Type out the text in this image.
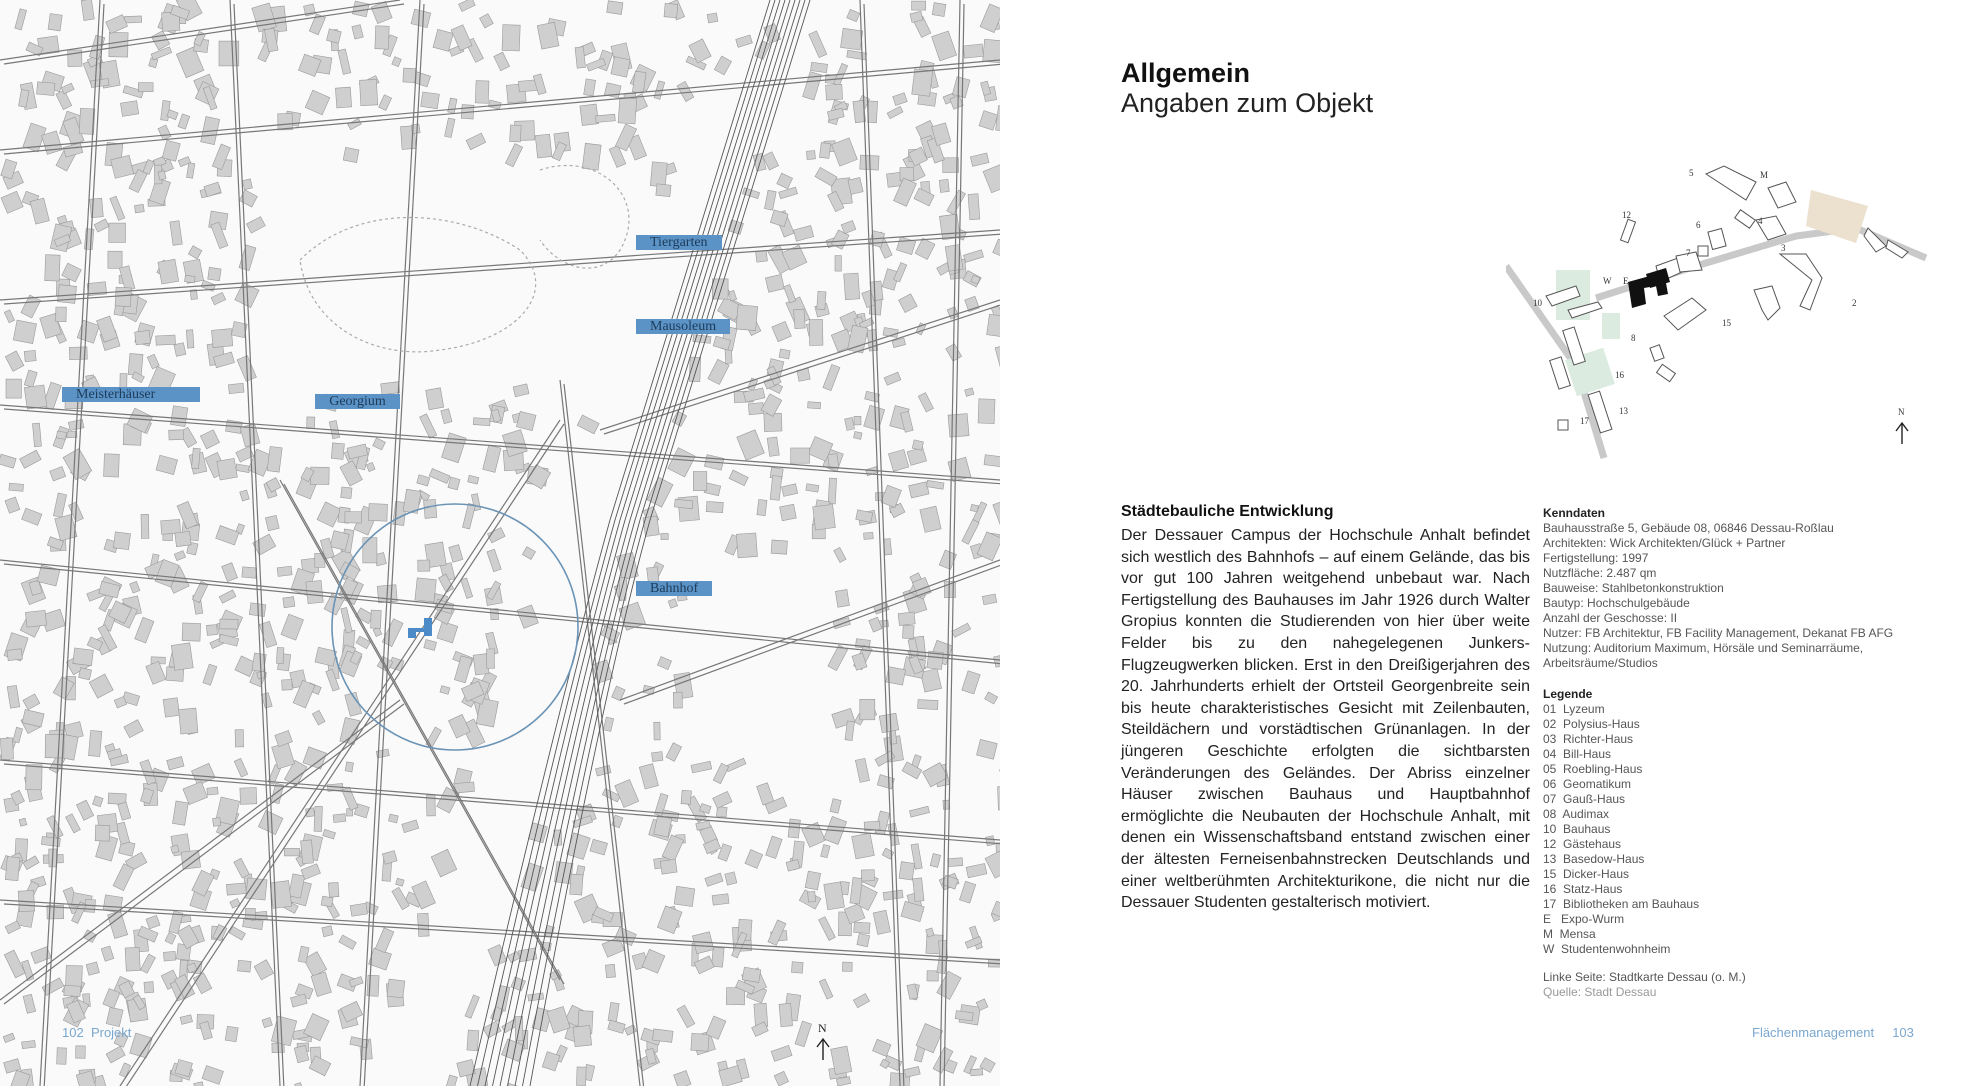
N
Tiergarten
Mausoleum
Meisterhäuser	Georgium
Bahnhof
102 Projekt
Allgemein
Angaben zum Objekt
5	M
12
6	4
3
7
W E
10	2
15
8
16
13
17
N
Städtebauliche Entwicklung
Der Dessauer Campus der Hochschule Anhalt befindet sich westlich des Bahnhofs – auf einem Gelände, das bis vor gut 100 Jahren weitgehend unbebaut war. Nach Fertigstellung des Bauhauses im Jahr 1926 durch Walter Gropius konnten die Studierenden von hier über weite Felder bis zu den nahegelegenen Junkers-Flugzeugwerken blicken. Erst in den Dreißigerjahren des 20. Jahrhunderts erhielt der Ortsteil Georgenbreite sein bis heute charakteristisches Gesicht mit Zeilenbauten, Steildächern und vorstädtischen Grünanlagen. In der jüngeren Geschichte erfolgten die sichtbarsten Veränderungen des Geländes. Der Abriss einzelner Häuser zwischen Bauhaus und Hauptbahnhof ermöglichte die Neubauten der Hochschule Anhalt, mit denen ein Wissenschaftsband entstand zwischen einer der ältesten Ferneisenbahnstrecken Deutschlands und einer weltberühmten Architekturikone, die nicht nur die Dessauer Studenten gestalterisch motiviert.
Kenndaten
Bauhausstraße 5, Gebäude 08, 06846 Dessau-Roßlau
Architekten: Wick Architekten/Glück + Partner
Fertigstellung: 1997
Nutzfläche: 2.487 qm
Bauweise: Stahlbetonkonstruktion
Bautyp: Hochschulgebäude
Anzahl der Geschosse: II
Nutzer: FB Architektur, FB Facility Management, Dekanat FB AFG
Nutzung: Auditorium Maximum, Hörsäle und Seminarräume,
Arbeitsräume/Studios
Legende
01  Lyzeum
02  Polysius-Haus
03  Richter-Haus
04  Bill-Haus
05  Roebling-Haus
06  Geomatikum
07  Gauß-Haus
08  Audimax
10  Bauhaus
12  Gästehaus
13  Basedow-Haus
15  Dicker-Haus
16  Statz-Haus
17  Bibliotheken am Bauhaus
E   Expo-Wurm
M  Mensa
W  Studentenwohnheim
Linke Seite: Stadtkarte Dessau (o. M.)
Quelle: Stadt Dessau
Flächenmanagement 103
